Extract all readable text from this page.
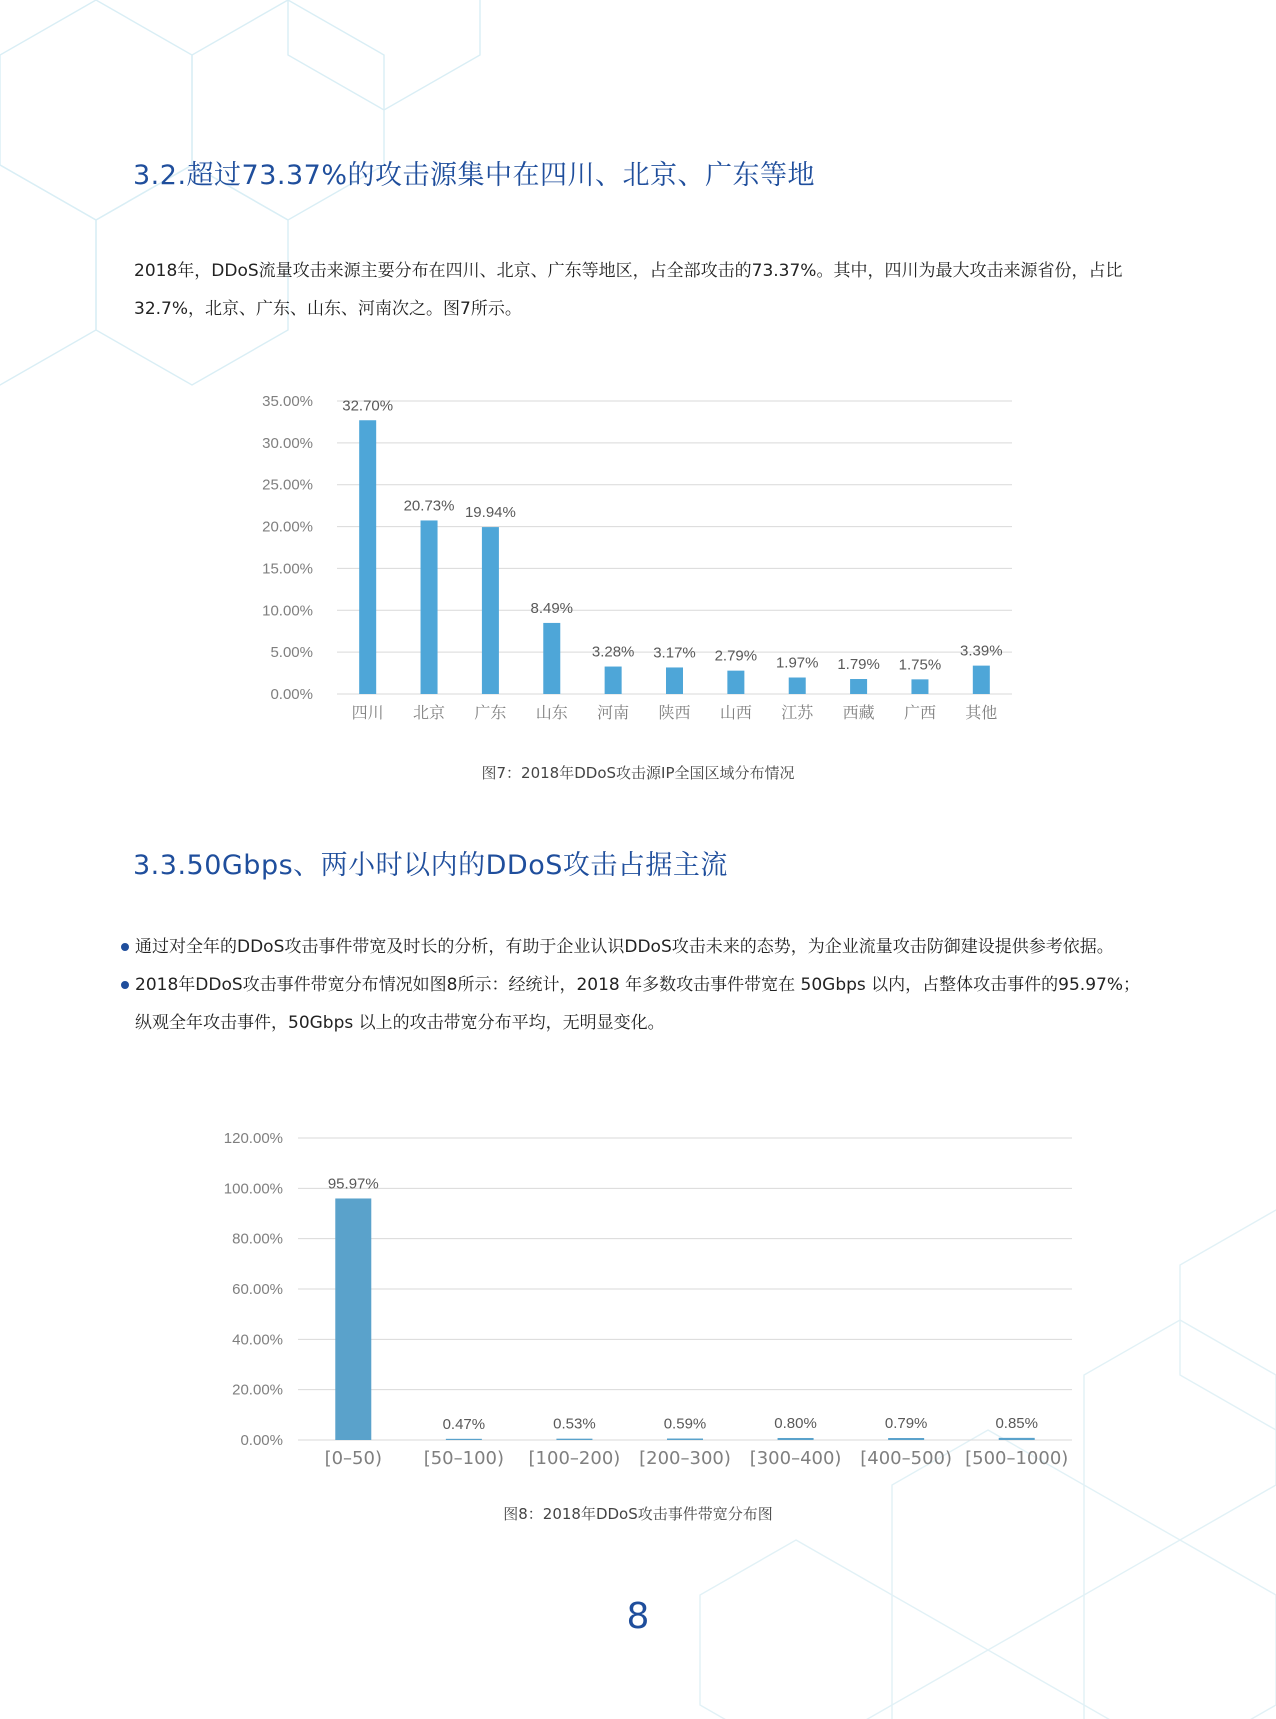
3.2.超过73.37%的攻击源集中在四川、北京、广东等地

2018年，DDoS流量攻击来源主要分布在四川、北京、广东等地区，占全部攻击的73.37%。其中，四川为最大攻击来源省份，占比32.7%，北京、广东、山东、河南次之。图7所示。

0.00%
5.00%
10.00%
15.00%
20.00%
25.00%
30.00%
35.00% 32.70%
四川
20.73%
北京
19.94%
广东
8.49%
山东
3.28%
河南
3.17%
陕西
2.79%
山西
1.97%
江苏
1.79%
西藏
1.75%
广西
3.39%
其他

图7：2018年DDoS攻击源IP全国区域分布情况

3.3.50Gbps、两小时以内的DDoS攻击占据主流
通过对全年的DDoS攻击事件带宽及时长的分析，有助于企业认识DDoS攻击未来的态势，为企业流量攻击防御建设提供参考依据。
2018年DDoS攻击事件带宽分布情况如图8所示：经统计，2018 年多数攻击事件带宽在 50Gbps 以内，占整体攻击事件的95.97%；纵观全年攻击事件，50Gbps 以上的攻击带宽分布平均，无明显变化。
0.00%
20.00%
40.00%
60.00%
80.00%
100.00%
120.00%
95.97%
[0–50)
0.47%
[50–100)
0.53%
[100–200)
0.59%
[200–300)
0.80%
[300–400)
0.79%
[400–500)
0.85%
[500–1000)

图8：2018年DDoS攻击事件带宽分布图

8
